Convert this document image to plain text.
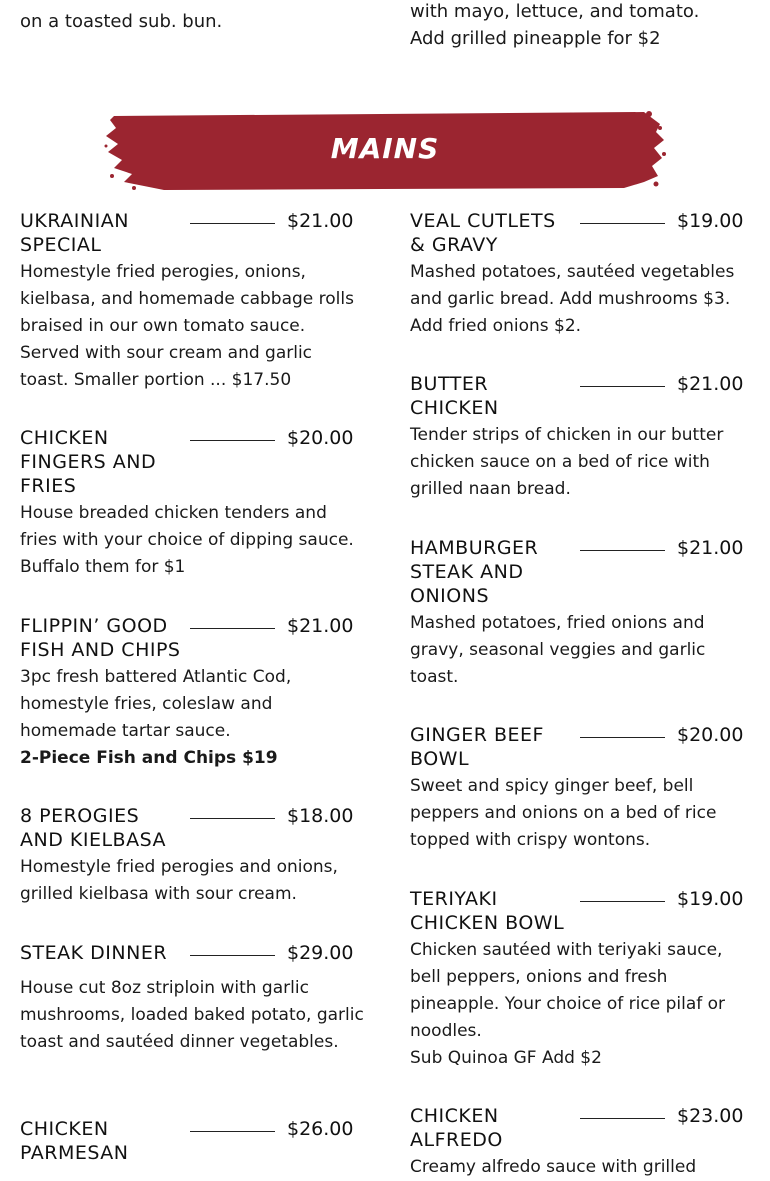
on a toasted sub. bun.	with mayo, lettuce, and tomato.
Add grilled pineapple for $2
MAINS
UKRAINIAN SPECIAL
$21.00
Homestyle fried perogies, onions, kielbasa, and homemade cabbage rolls braised in our own tomato sauce. Served with sour cream and garlic toast. Smaller portion ... $17.50
CHICKEN FINGERS AND FRIES
$20.00
House breaded chicken tenders and fries with your choice of dipping sauce. Buffalo them for $1
FLIPPIN’ GOOD FISH AND CHIPS
$21.00
3pc fresh battered Atlantic Cod, homestyle fries, coleslaw and homemade tartar sauce.
2-Piece Fish and Chips $19
8 PEROGIES AND KIELBASA
$18.00
Homestyle fried perogies and onions, grilled kielbasa with sour cream.
STEAK DINNER	$29.00
House cut 8oz striploin with garlic mushrooms, loaded baked potato, garlic toast and sautéed dinner vegetables.
CHICKEN PARMESAN
$26.00
VEAL CUTLETS & GRAVY
$19.00
Mashed potatoes, sautéed vegetables and garlic bread. Add mushrooms $3. Add fried onions $2.
BUTTER CHICKEN
$21.00
Tender strips of chicken in our butter chicken sauce on a bed of rice with grilled naan bread.
HAMBURGER STEAK AND ONIONS
$21.00
Mashed potatoes, fried onions and gravy, seasonal veggies and garlic toast.
GINGER BEEF BOWL
$20.00
Sweet and spicy ginger beef, bell peppers and onions on a bed of rice topped with crispy wontons.
TERIYAKI CHICKEN BOWL
$19.00
Chicken sautéed with teriyaki sauce, bell peppers, onions and fresh pineapple. Your choice of rice pilaf or noodles.
Sub Quinoa GF Add $2
CHICKEN ALFREDO
$23.00
Creamy alfredo sauce with grilled
